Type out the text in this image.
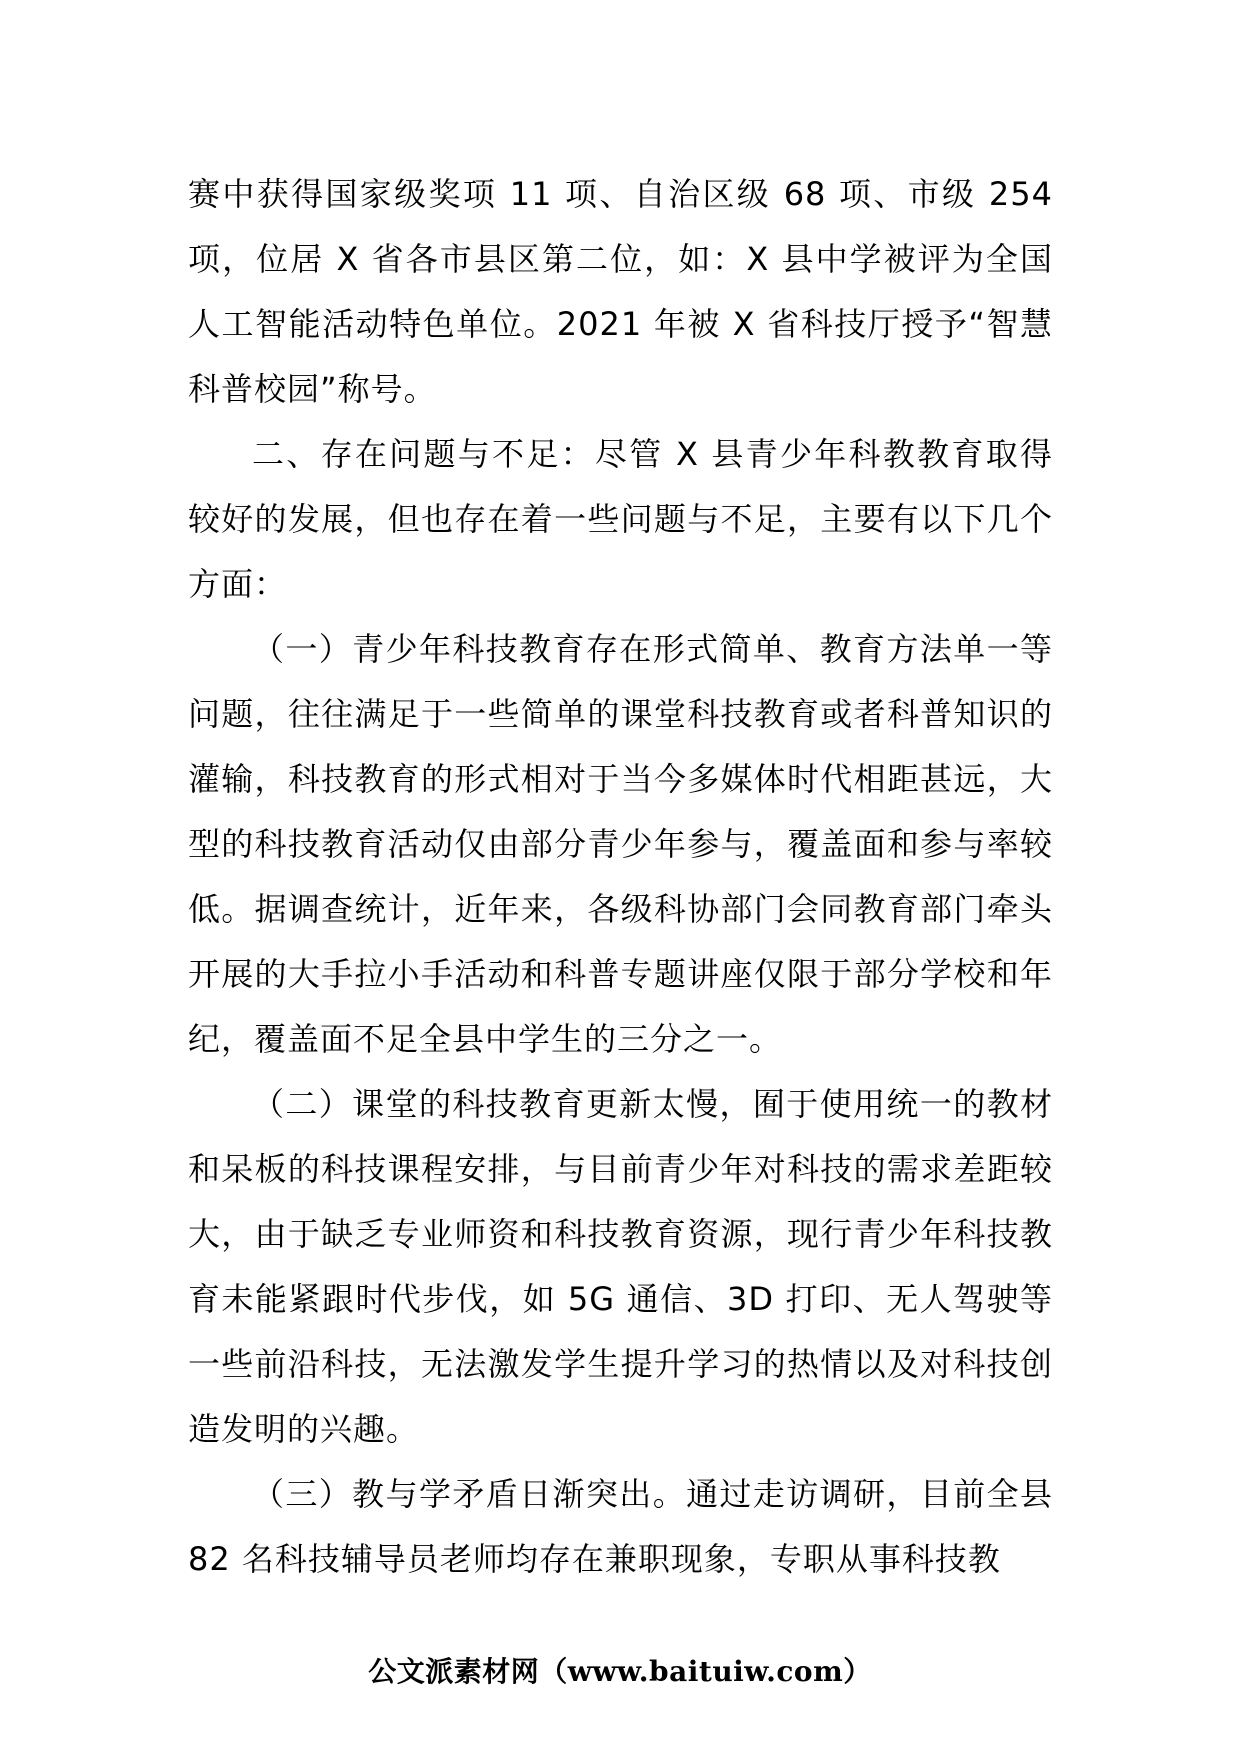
赛中获得国家级奖项 11 项、自治区级 68 项、市级 254 项，位居 X 省各市县区第二位，如：X 县中学被评为全国人工智能活动特色单位。2021 年被 X 省科技厅授予“智慧科普校园”称号。

二、存在问题与不足：尽管 X 县青少年科教教育取得较好的发展，但也存在着一些问题与不足，主要有以下几个方面：

（一）青少年科技教育存在形式简单、教育方法单一等问题，往往满足于一些简单的课堂科技教育或者科普知识的灌输，科技教育的形式相对于当今多媒体时代相距甚远，大型的科技教育活动仅由部分青少年参与，覆盖面和参与率较低。据调查统计，近年来，各级科协部门会同教育部门牵头开展的大手拉小手活动和科普专题讲座仅限于部分学校和年纪，覆盖面不足全县中学生的三分之一。

（二）课堂的科技教育更新太慢，囿于使用统一的教材和呆板的科技课程安排，与目前青少年对科技的需求差距较大，由于缺乏专业师资和科技教育资源，现行青少年科技教育未能紧跟时代步伐，如 5G 通信、3D 打印、无人驾驶等一些前沿科技，无法激发学生提升学习的热情以及对科技创造发明的兴趣。

（三）教与学矛盾日渐突出。通过走访调研，目前全县 82 名科技辅导员老师均存在兼职现象，专职从事科技教

公文派素材网（www.baituiw.com）
